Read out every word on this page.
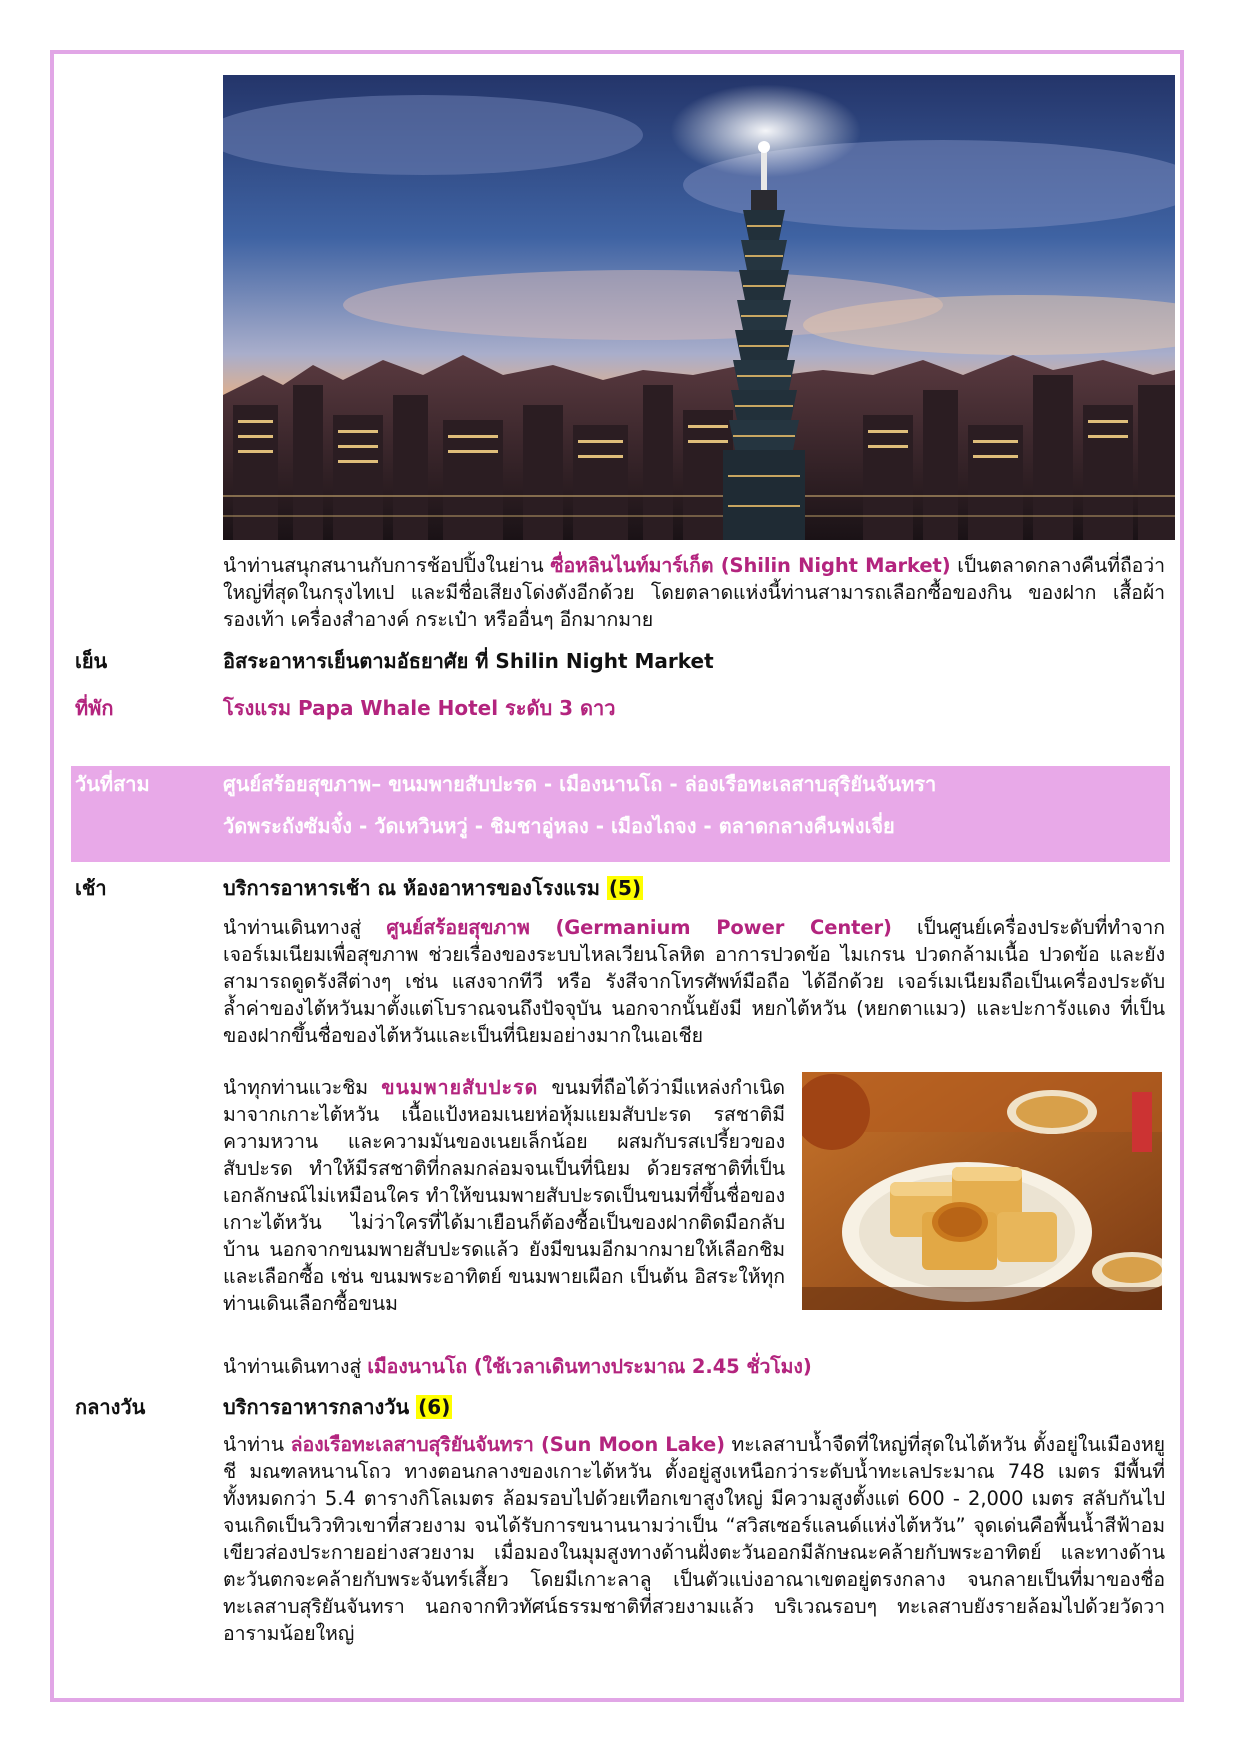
นำท่านสนุกสนานกับการช้อปปิ้งในย่าน ซื่อหลินไนท์มาร์เก็ต (Shilin Night Market) เป็นตลาดกลางคืนที่ถือว่าใหญ่ที่สุดในกรุงไทเป และมีชื่อเสียงโด่งดังอีกด้วย โดยตลาดแห่งนี้ท่านสามารถเลือกซื้อของกิน ของฝาก เสื้อผ้า รองเท้า เครื่องสำอางค์ กระเป๋า หรืออื่นๆ อีกมากมาย
เย็น	อิสระอาหารเย็นตามอัธยาศัย ที่ Shilin Night Market
ที่พัก	โรงแรม Papa Whale Hotel ระดับ 3 ดาว
วันที่สาม	ศูนย์สร้อยสุขภาพ– ขนมพายสับปะรด - เมืองนานโถ - ล่องเรือทะเลสาบสุริยันจันทรา
วัดพระถังซัมจั๋ง - วัดเหวินหวู่ - ชิมชาอู่หลง - เมืองไถจง - ตลาดกลางคืนฟงเจี่ย
เช้า	บริการอาหารเช้า ณ ห้องอาหารของโรงแรม (5)
นำท่านเดินทางสู่ ศูนย์สร้อยสุขภาพ (Germanium Power Center) เป็นศูนย์เครื่องประดับที่ทำจากเจอร์เมเนียมเพื่อสุขภาพ ช่วยเรื่องของระบบไหลเวียนโลหิต อาการปวดข้อ ไมเกรน ปวดกล้ามเนื้อ ปวดข้อ และยังสามารถดูดรังสีต่างๆ เช่น แสงจากทีวี หรือ รังสีจากโทรศัพท์มือถือ ได้อีกด้วย เจอร์เมเนียมถือเป็นเครื่องประดับล้ำค่าของไต้หวันมาตั้งแต่โบราณจนถึงปัจจุบัน นอกจากนั้นยังมี หยกไต้หวัน (หยกตาแมว) และปะการังแดง ที่เป็นของฝากขึ้นชื่อของไต้หวันและเป็นที่นิยมอย่างมากในเอเชีย
นำทุกท่านแวะชิม ขนมพายสับปะรด ขนมที่ถือได้ว่ามีแหล่งกำเนิดมาจากเกาะไต้หวัน เนื้อแป้งหอมเนยห่อหุ้มแยมสับปะรด รสชาติมีความหวาน และความมันของเนยเล็กน้อย ผสมกับรสเปรี้ยวของสับปะรด ทำให้มีรสชาติที่กลมกล่อมจนเป็นที่นิยม ด้วยรสชาติที่เป็นเอกลักษณ์ไม่เหมือนใคร ทำให้ขนมพายสับปะรดเป็นขนมที่ขึ้นชื่อของเกาะไต้หวัน ไม่ว่าใครที่ได้มาเยือนก็ต้องซื้อเป็นของฝากติดมือกลับบ้าน นอกจากขนมพายสับปะรดแล้ว ยังมีขนมอีกมากมายให้เลือกชิม และเลือกซื้อ เช่น ขนมพระอาทิตย์ ขนมพายเผือก เป็นต้น อิสระให้ทุกท่านเดินเลือกซื้อขนม
นำท่านเดินทางสู่ เมืองนานโถ (ใช้เวลาเดินทางประมาณ 2.45 ชั่วโมง)
กลางวัน	บริการอาหารกลางวัน (6)
นำท่าน ล่องเรือทะเลสาบสุริยันจันทรา (Sun Moon Lake) ทะเลสาบน้ำจืดที่ใหญ่ที่สุดในไต้หวัน ตั้งอยู่ในเมืองหยูชี มณฑลหนานโถว ทางตอนกลางของเกาะไต้หวัน ตั้งอยู่สูงเหนือกว่าระดับน้ำทะเลประมาณ 748 เมตร มีพื้นที่ทั้งหมดกว่า 5.4 ตารางกิโลเมตร ล้อมรอบไปด้วยเทือกเขาสูงใหญ่ มีความสูงตั้งแต่ 600 - 2,000 เมตร สลับกันไปจนเกิดเป็นวิวทิวเขาที่สวยงาม จนได้รับการขนานนามว่าเป็น “สวิสเซอร์แลนด์แห่งไต้หวัน” จุดเด่นคือพื้นน้ำสีฟ้าอมเขียวส่องประกายอย่างสวยงาม เมื่อมองในมุมสูงทางด้านฝั่งตะวันออกมีลักษณะคล้ายกับพระอาทิตย์ และทางด้านตะวันตกจะคล้ายกับพระจันทร์เสี้ยว โดยมีเกาะลาลู เป็นตัวแบ่งอาณาเขตอยู่ตรงกลาง จนกลายเป็นที่มาของชื่อ ทะเลสาบสุริยันจันทรา นอกจากทิวทัศน์ธรรมชาติที่สวยงามแล้ว บริเวณรอบๆ ทะเลสาบยังรายล้อมไปด้วยวัดวาอารามน้อยใหญ่
